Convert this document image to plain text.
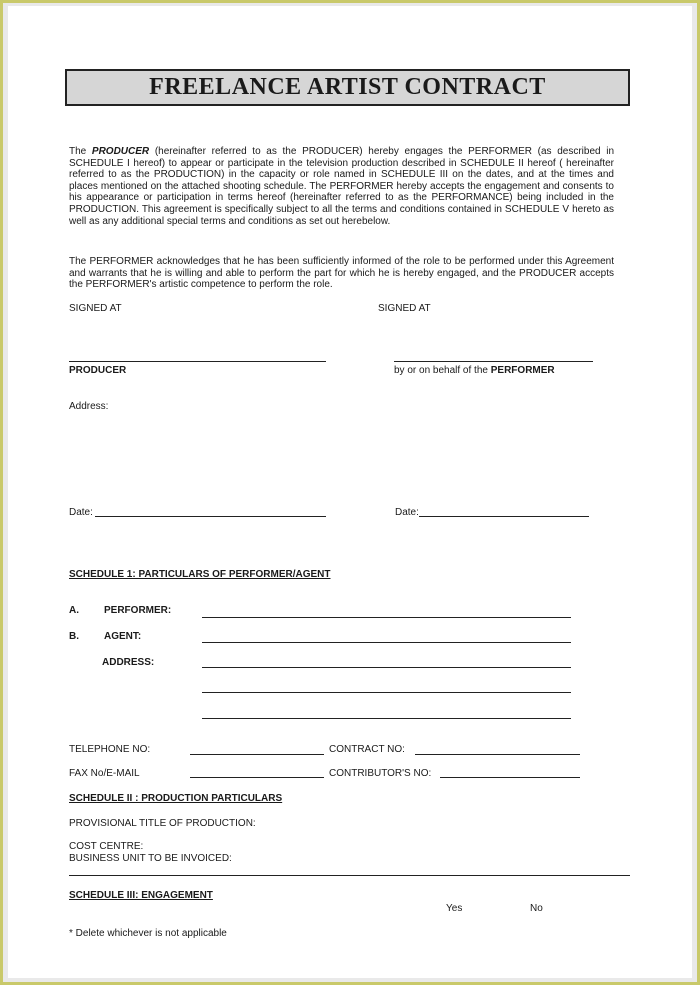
FREELANCE ARTIST CONTRACT
The PRODUCER (hereinafter referred to as the PRODUCER) hereby engages the PERFORMER (as described in SCHEDULE I hereof) to appear or participate in the television production described in SCHEDULE II hereof ( hereinafter referred to as the PRODUCTION) in the capacity or role named in SCHEDULE III on the dates, and at the times and places mentioned on the attached shooting schedule. The PERFORMER hereby accepts the engagement and consents to his appearance or participation in terms hereof (hereinafter referred to as the PERFORMANCE) being included in the PRODUCTION. This agreement is specifically subject to all the terms and conditions contained in SCHEDULE V hereto as well as any additional special terms and conditions as set out herebelow.
The PERFORMER acknowledges that he has been sufficiently informed of the role to be performed under this Agreement and warrants that he is willing and able to perform the part for which he is hereby engaged, and the PRODUCER accepts the PERFORMER's artistic competence to perform the role.
SIGNED AT	SIGNED AT
PRODUCER	by or on behalf of the PERFORMER
Address:
Date:	Date:
SCHEDULE 1: PARTICULARS OF PERFORMER/AGENT
A.	PERFORMER:
B.	AGENT:
ADDRESS:
TELEPHONE NO:	CONTRACT NO:
FAX No/E-MAIL	CONTRIBUTOR'S NO:
SCHEDULE II : PRODUCTION PARTICULARS
PROVISIONAL TITLE OF PRODUCTION:
COST CENTRE:
BUSINESS UNIT TO BE INVOICED:
SCHEDULE III: ENGAGEMENT
Yes	No
* Delete whichever is not applicable
